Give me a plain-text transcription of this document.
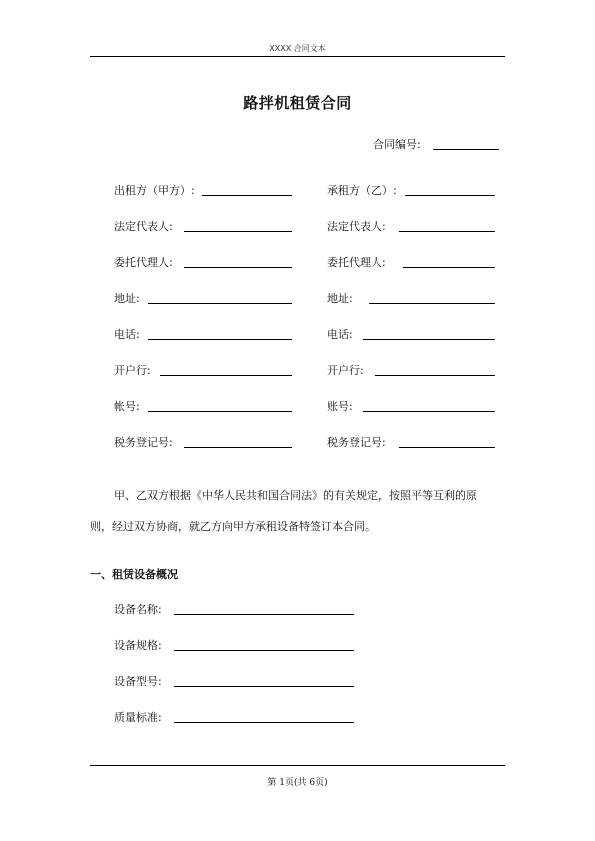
XXXX 合同文本
路拌机租赁合同
合同编号:
出租方（甲方）:
法定代表人:
委托代理人:
地址:
电话:
开户行:
帐号:
税务登记号:
承租方（乙）:
法定代表人:
委托代理人:
地址:
电话:
开户行:
账号:
税务登记号:
甲、乙双方根据《中华人民共和国合同法》的有关规定，按照平等互利的原
则，经过双方协商，就乙方向甲方承租设备特签订本合同。
一、租赁设备概况
设备名称:
设备规格:
设备型号:
质量标准:
第 1页(共 6页)
